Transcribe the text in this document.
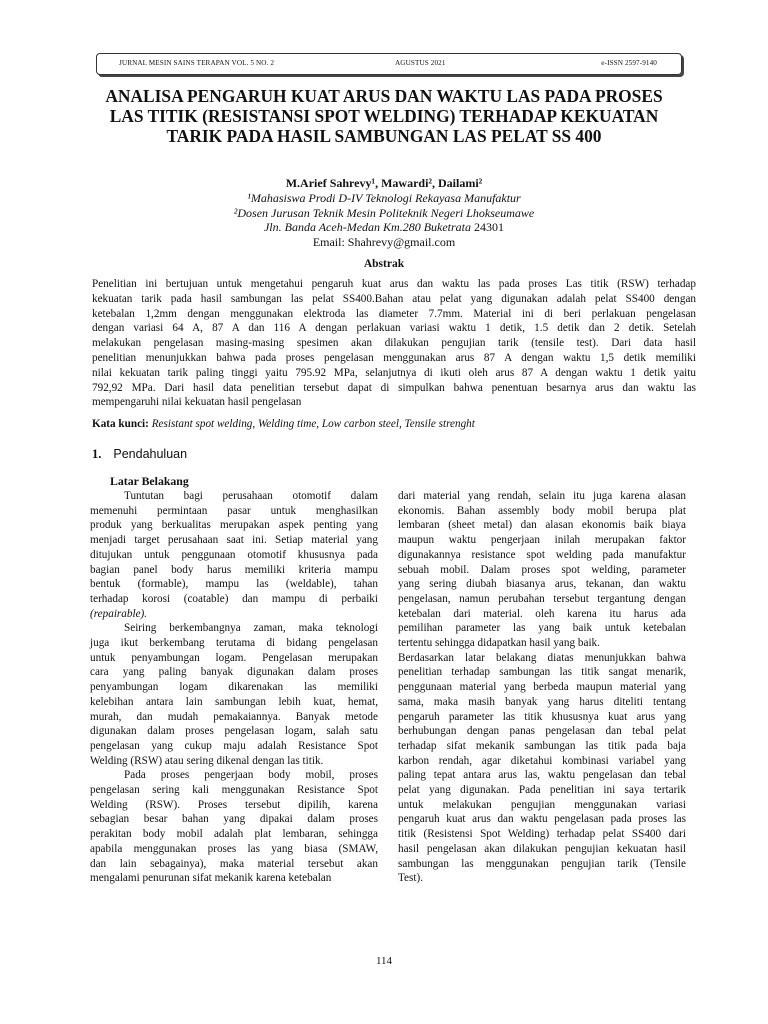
JURNAL MESIN SAINS TERAPAN VOL. 5 NO. 2	AGUSTUS 2021	e-ISSN 2597-9140
ANALISA PENGARUH KUAT ARUS DAN WAKTU LAS PADA PROSES
LAS TITIK (RESISTANSI SPOT WELDING) TERHADAP KEKUATAN
TARIK PADA HASIL SAMBUNGAN LAS PELAT SS 400
M.Arief Sahrevy¹, Mawardi², Dailami²
¹Mahasiswa Prodi D-IV Teknologi Rekayasa Manufaktur
²Dosen Jurusan Teknik Mesin Politeknik Negeri Lhokseumawe
Jln. Banda Aceh-Medan Km.280 Buketrata 24301
Email: Shahrevy@gmail.com
Abstrak
Penelitian ini bertujuan untuk mengetahui pengaruh kuat arus dan waktu las pada proses Las titik (RSW) terhadap
kekuatan tarik pada hasil sambungan las pelat SS400.Bahan atau pelat yang digunakan adalah pelat SS400 dengan
ketebalan 1,2mm dengan menggunakan elektroda las diameter 7.7mm. Material ini di beri perlakuan pengelasan
dengan variasi 64 A, 87 A dan 116 A dengan perlakuan variasi waktu 1 detik, 1.5 detik dan 2 detik. Setelah
melakukan pengelasan masing-masing spesimen akan dilakukan pengujian tarik (tensile test). Dari data hasil
penelitian menunjukkan bahwa pada proses pengelasan menggunakan arus 87 A dengan waktu 1,5 detik memiliki
nilai kekuatan tarik paling tinggi yaitu 795.92 MPa, selanjutnya di ikuti oleh arus 87 A dengan waktu 1 detik yaitu
792,92 MPa. Dari hasil data penelitian tersebut dapat di simpulkan bahwa penentuan besarnya arus dan waktu las
mempengaruhi nilai kekuatan hasil pengelasan
Kata kunci: Resistant spot welding, Welding time, Low carbon steel, Tensile strenght
1. Pendahuluan
Latar Belakang
Tuntutan bagi perusahaan otomotif dalam
memenuhi permintaan pasar untuk menghasilkan
produk yang berkualitas merupakan aspek penting yang
menjadi target perusahaan saat ini. Setiap material yang
ditujukan untuk penggunaan otomotif khususnya pada
bagian panel body harus memiliki kriteria mampu
bentuk (formable), mampu las (weldable), tahan
terhadap korosi (coatable) dan mampu di perbaiki
(repairable).
Seiring berkembangnya zaman, maka teknologi
juga ikut berkembang terutama di bidang pengelasan
untuk penyambungan logam. Pengelasan merupakan
cara yang paling banyak digunakan dalam proses
penyambungan logam dikarenakan las memiliki
kelebihan antara lain sambungan lebih kuat, hemat,
murah, dan mudah pemakaiannya. Banyak metode
digunakan dalam proses pengelasan logam, salah satu
pengelasan yang cukup maju adalah Resistance Spot
Welding (RSW) atau sering dikenal dengan las titik.
Pada proses pengerjaan body mobil, proses
pengelasan sering kali menggunakan Resistance Spot
Welding (RSW). Proses tersebut dipilih, karena
sebagian besar bahan yang dipakai dalam proses
perakitan body mobil adalah plat lembaran, sehingga
apabila menggunakan proses las yang biasa (SMAW,
dan lain sebagainya), maka material tersebut akan
mengalami penurunan sifat mekanik karena ketebalan
dari material yang rendah, selain itu juga karena alasan
ekonomis. Bahan assembly body mobil berupa plat
lembaran (sheet metal) dan alasan ekonomis baik biaya
maupun waktu pengerjaan inilah merupakan faktor
digunakannya resistance spot welding pada manufaktur
sebuah mobil. Dalam proses spot welding, parameter
yang sering diubah biasanya arus, tekanan, dan waktu
pengelasan, namun perubahan tersebut tergantung dengan
ketebalan dari material. oleh karena itu harus ada
pemilihan parameter las yang baik untuk ketebalan
tertentu sehingga didapatkan hasil yang baik.
Berdasarkan latar belakang diatas menunjukkan bahwa
penelitian terhadap sambungan las titik sangat menarik,
penggunaan material yang berbeda maupun material yang
sama, maka masih banyak yang harus diteliti tentang
pengaruh parameter las titik khususnya kuat arus yang
berhubungan dengan panas pengelasan dan tebal pelat
terhadap sifat mekanik sambungan las titik pada baja
karbon rendah, agar diketahui kombinasi variabel yang
paling tepat antara arus las, waktu pengelasan dan tebal
pelat yang digunakan. Pada penelitian ini saya tertarik
untuk melakukan pengujian menggunakan variasi
pengaruh kuat arus dan waktu pengelasan pada proses las
titik (Resistensi Spot Welding) terhadap pelat SS400 dari
hasil pengelasan akan dilakukan pengujian kekuatan hasil
sambungan las menggunakan pengujian tarik (Tensile
Test).
114
